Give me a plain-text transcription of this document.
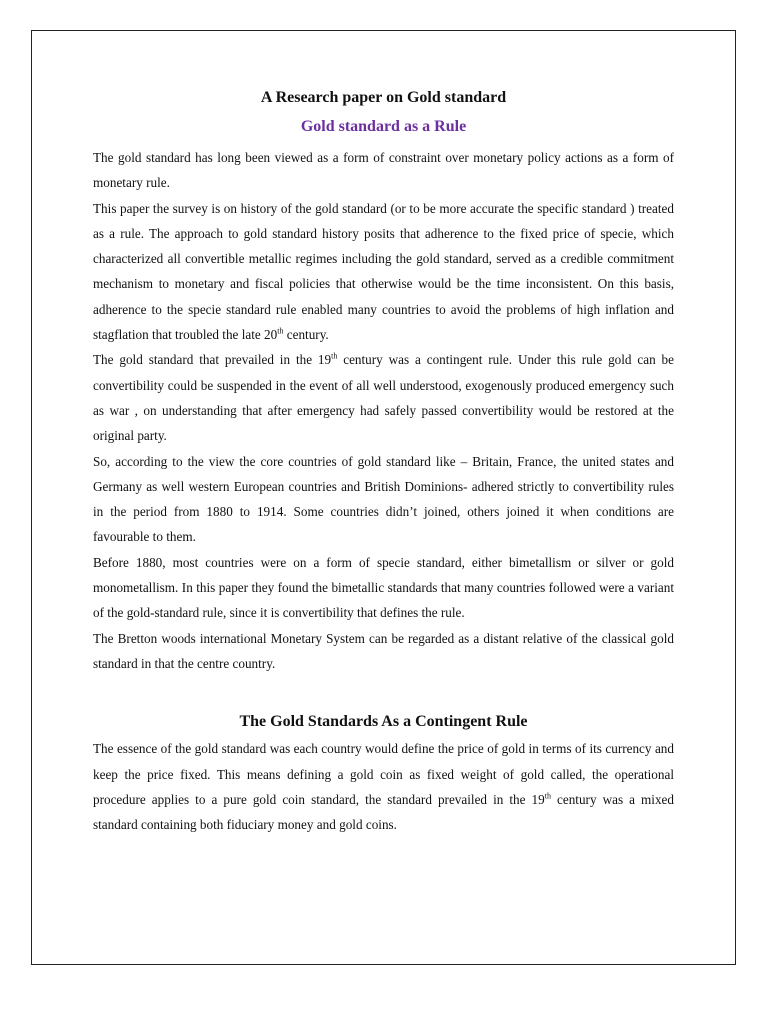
A Research paper on Gold standard
Gold standard as a Rule

The gold standard has long been viewed as a form of constraint over monetary policy actions as a form of monetary rule.

This paper the survey is on history of the gold standard (or to be more accurate the specific standard ) treated as a rule. The approach to gold standard history posits that adherence to the fixed price of specie, which characterized all convertible metallic regimes including the gold standard, served as a credible commitment mechanism to monetary and fiscal policies that otherwise would be the time inconsistent. On this basis, adherence to the specie standard rule enabled many countries to avoid the problems of high inflation and stagflation that troubled the late 20th century.

The gold standard that prevailed in the 19th century was a contingent rule. Under this rule gold can be convertibility could be suspended in the event of all well understood, exogenously produced emergency such as war , on understanding that after emergency had safely passed convertibility would be restored at the original party.

So, according to the view the core countries of gold standard like – Britain, France, the united states and Germany as well western European countries and British Dominions- adhered strictly to convertibility rules in the period from 1880 to 1914. Some countries didn’t joined, others joined it when conditions are favourable to them.

Before 1880, most countries were on a form of specie standard, either bimetallism or silver or gold monometallism. In this paper they found the bimetallic standards that many countries followed were a variant of the gold-standard rule, since it is convertibility that defines the rule.

The Bretton woods international Monetary System can be regarded as a distant relative of the classical gold standard in that the centre country.

The Gold Standards As a Contingent Rule

The essence of the gold standard was each country would define the price of gold in terms of its currency and keep the price fixed. This means defining a gold coin as fixed weight of gold called, the operational procedure applies to a pure gold coin standard, the standard prevailed in the 19th century was a mixed standard containing both fiduciary money and gold coins.
